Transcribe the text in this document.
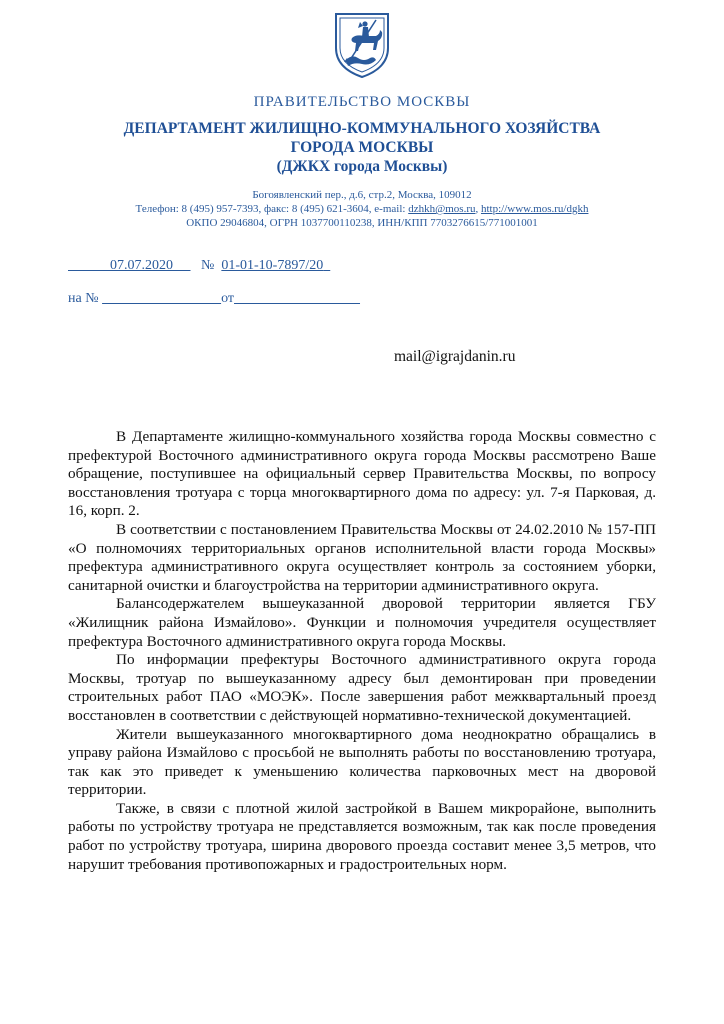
ПРАВИТЕЛЬСТВО МОСКВЫ
ДЕПАРТАМЕНТ ЖИЛИЩНО-КОММУНАЛЬНОГО ХОЗЯЙСТВА
ГОРОДА МОСКВЫ
(ДЖКХ города Москвы)
Богоявленский пер., д.6, стр.2, Москва, 109012
Телефон: 8 (495) 957-7393, факс: 8 (495) 621-3604, e-mail: dzhkh@mos.ru, http://www.mos.ru/dgkh
ОКПО 29046804, ОГРН 1037700110238, ИНН/КПП 7703276615/771001001
07.07.2020 № 01-01-10-7897/20
на №	от
mail@igrajdanin.ru

В Департаменте жилищно-коммунального хозяйства города Москвы совместно с префектурой Восточного административного округа города Москвы рассмотрено Ваше обращение, поступившее на официальный сервер Правительства Москвы, по вопросу восстановления тротуара с торца многоквартирного дома по адресу: ул. 7-я Парковая, д. 16, корп. 2.

В соответствии с постановлением Правительства Москвы от 24.02.2010 № 157-ПП «О полномочиях территориальных органов исполнительной власти города Москвы» префектура административного округа осуществляет контроль за состоянием уборки, санитарной очистки и благоустройства на территории административного округа.

Балансодержателем вышеуказанной дворовой территории является ГБУ «Жилищник района Измайлово». Функции и полномочия учредителя осуществляет префектура Восточного административного округа города Москвы.

По информации префектуры Восточного административного округа города Москвы, тротуар по вышеуказанному адресу был демонтирован при проведении строительных работ ПАО «МОЭК». После завершения работ межквартальный проезд восстановлен в соответствии с действующей нормативно-технической документацией.

Жители вышеуказанного многоквартирного дома неоднократно обращались в управу района Измайлово с просьбой не выполнять работы по восстановлению тротуара, так как это приведет к уменьшению количества парковочных мест на дворовой территории.

Также, в связи с плотной жилой застройкой в Вашем микрорайоне, выполнить работы по устройству тротуара не представляется возможным, так как после проведения работ по устройству тротуара, ширина дворового проезда составит менее 3,5 метров, что нарушит требования противопожарных и градостроительных норм.
